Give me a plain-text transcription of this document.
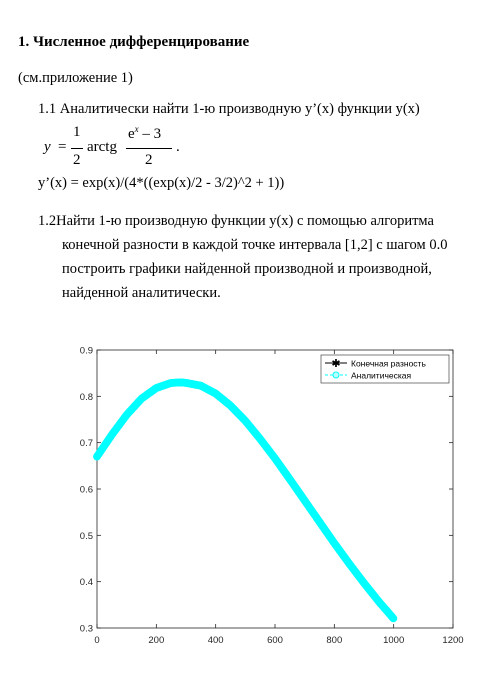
1. Численное дифференцирование
(см.приложение 1)
1.1 Аналитически найти 1-ю производную y’(x) функции y(x)
y =
1
2
arctg
$e^x - 3$
2
.
y’(x) = exp(x)/(4*((exp(x)/2 - 3/2)^2 + 1))
1.2Найти 1-ю производную функции y(x) с помощью алгоритма
конечной разности в каждой точке интервала [1,2] с шагом 0.0
построить графики найденной производной и производной,
найденной аналитически.
0	200	400	600	800	1000	1200
0.3
0.4
0.5
0.6
0.7
0.8
0.9
✱ Конечная разность
Аналитическая
